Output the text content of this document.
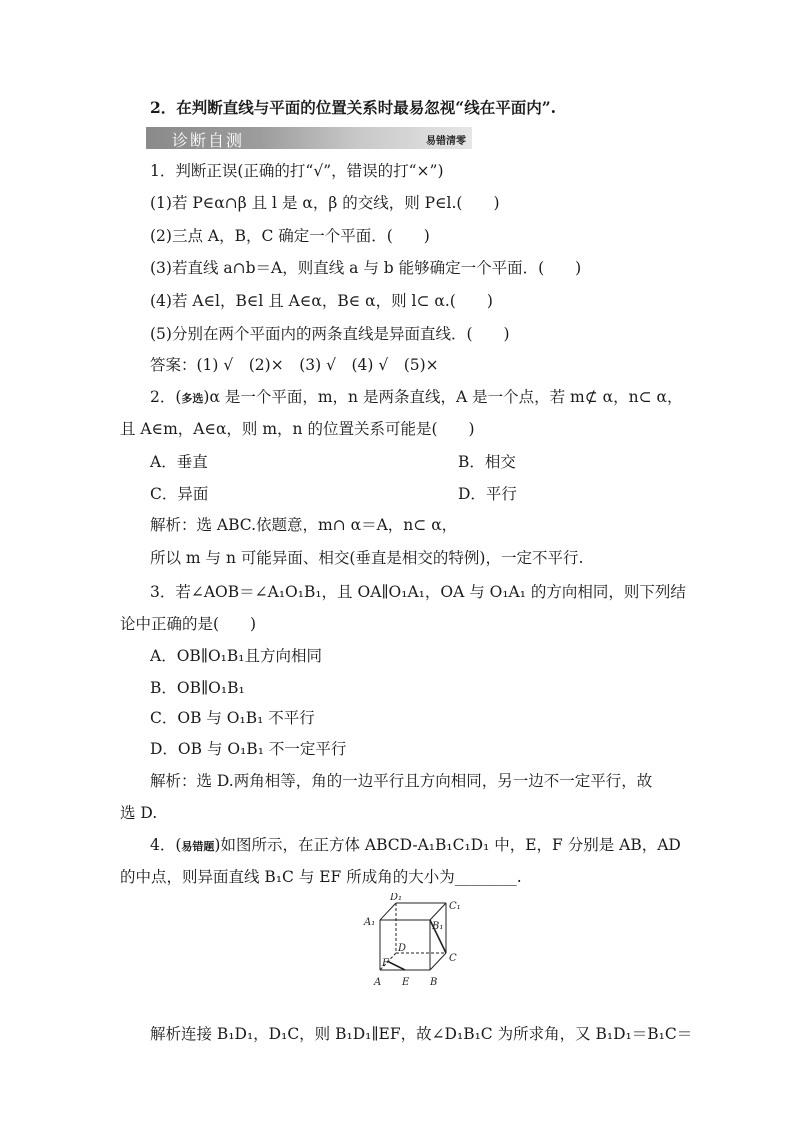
2．在判断直线与平面的位置关系时最易忽视“线在平面内”.
诊断自测	易错清零
1．判断正误(正确的打“√”，错误的打“×”)
(1)若 P∈α∩β 且 l 是 α，β 的交线，则 P∈l.(　　)
(2)三点 A，B，C 确定一个平面．(　　)
(3)若直线 a∩b＝A，则直线 a 与 b 能够确定一个平面．(　　)
(4)若 A∈l，B∈l 且 A∈α，B∈ α，则 l⊂ α.(　　)
(5)分别在两个平面内的两条直线是异面直线．(　　)
答案：(1) √　(2)×　(3) √　(4) √　(5)×
2．(多选)α 是一个平面，m，n 是两条直线，A 是一个点，若 m⊄ α，n⊂ α，
且 A∈m，A∈α，则 m，n 的位置关系可能是(　　)
A．垂直	B．相交
C．异面	D．平行
解析：选 ABC.依题意，m∩ α＝A，n⊂ α，
所以 m 与 n 可能异面、相交(垂直是相交的特例)，一定不平行.
3．若∠AOB＝∠A₁O₁B₁，且 OA∥O₁A₁，OA 与 O₁A₁ 的方向相同，则下列结
论中正确的是(　　)
A．OB∥O₁B₁且方向相同
B．OB∥O₁B₁
C．OB 与 O₁B₁ 不平行
D．OB 与 O₁B₁ 不一定平行
解析：选 D.两角相等，角的一边平行且方向相同，另一边不一定平行，故
选 D.
4．(易错题)如图所示，在正方体 ABCD-A₁B₁C₁D₁ 中，E，F 分别是 AB，AD
的中点，则异面直线 B₁C 与 EF 所成角的大小为________.
D₁
C₁
A₁	B₁
D
C
F
A E B
解析连接 B₁D₁，D₁C，则 B₁D₁∥EF，故∠D₁B₁C 为所求角，又 B₁D₁＝B₁C＝
